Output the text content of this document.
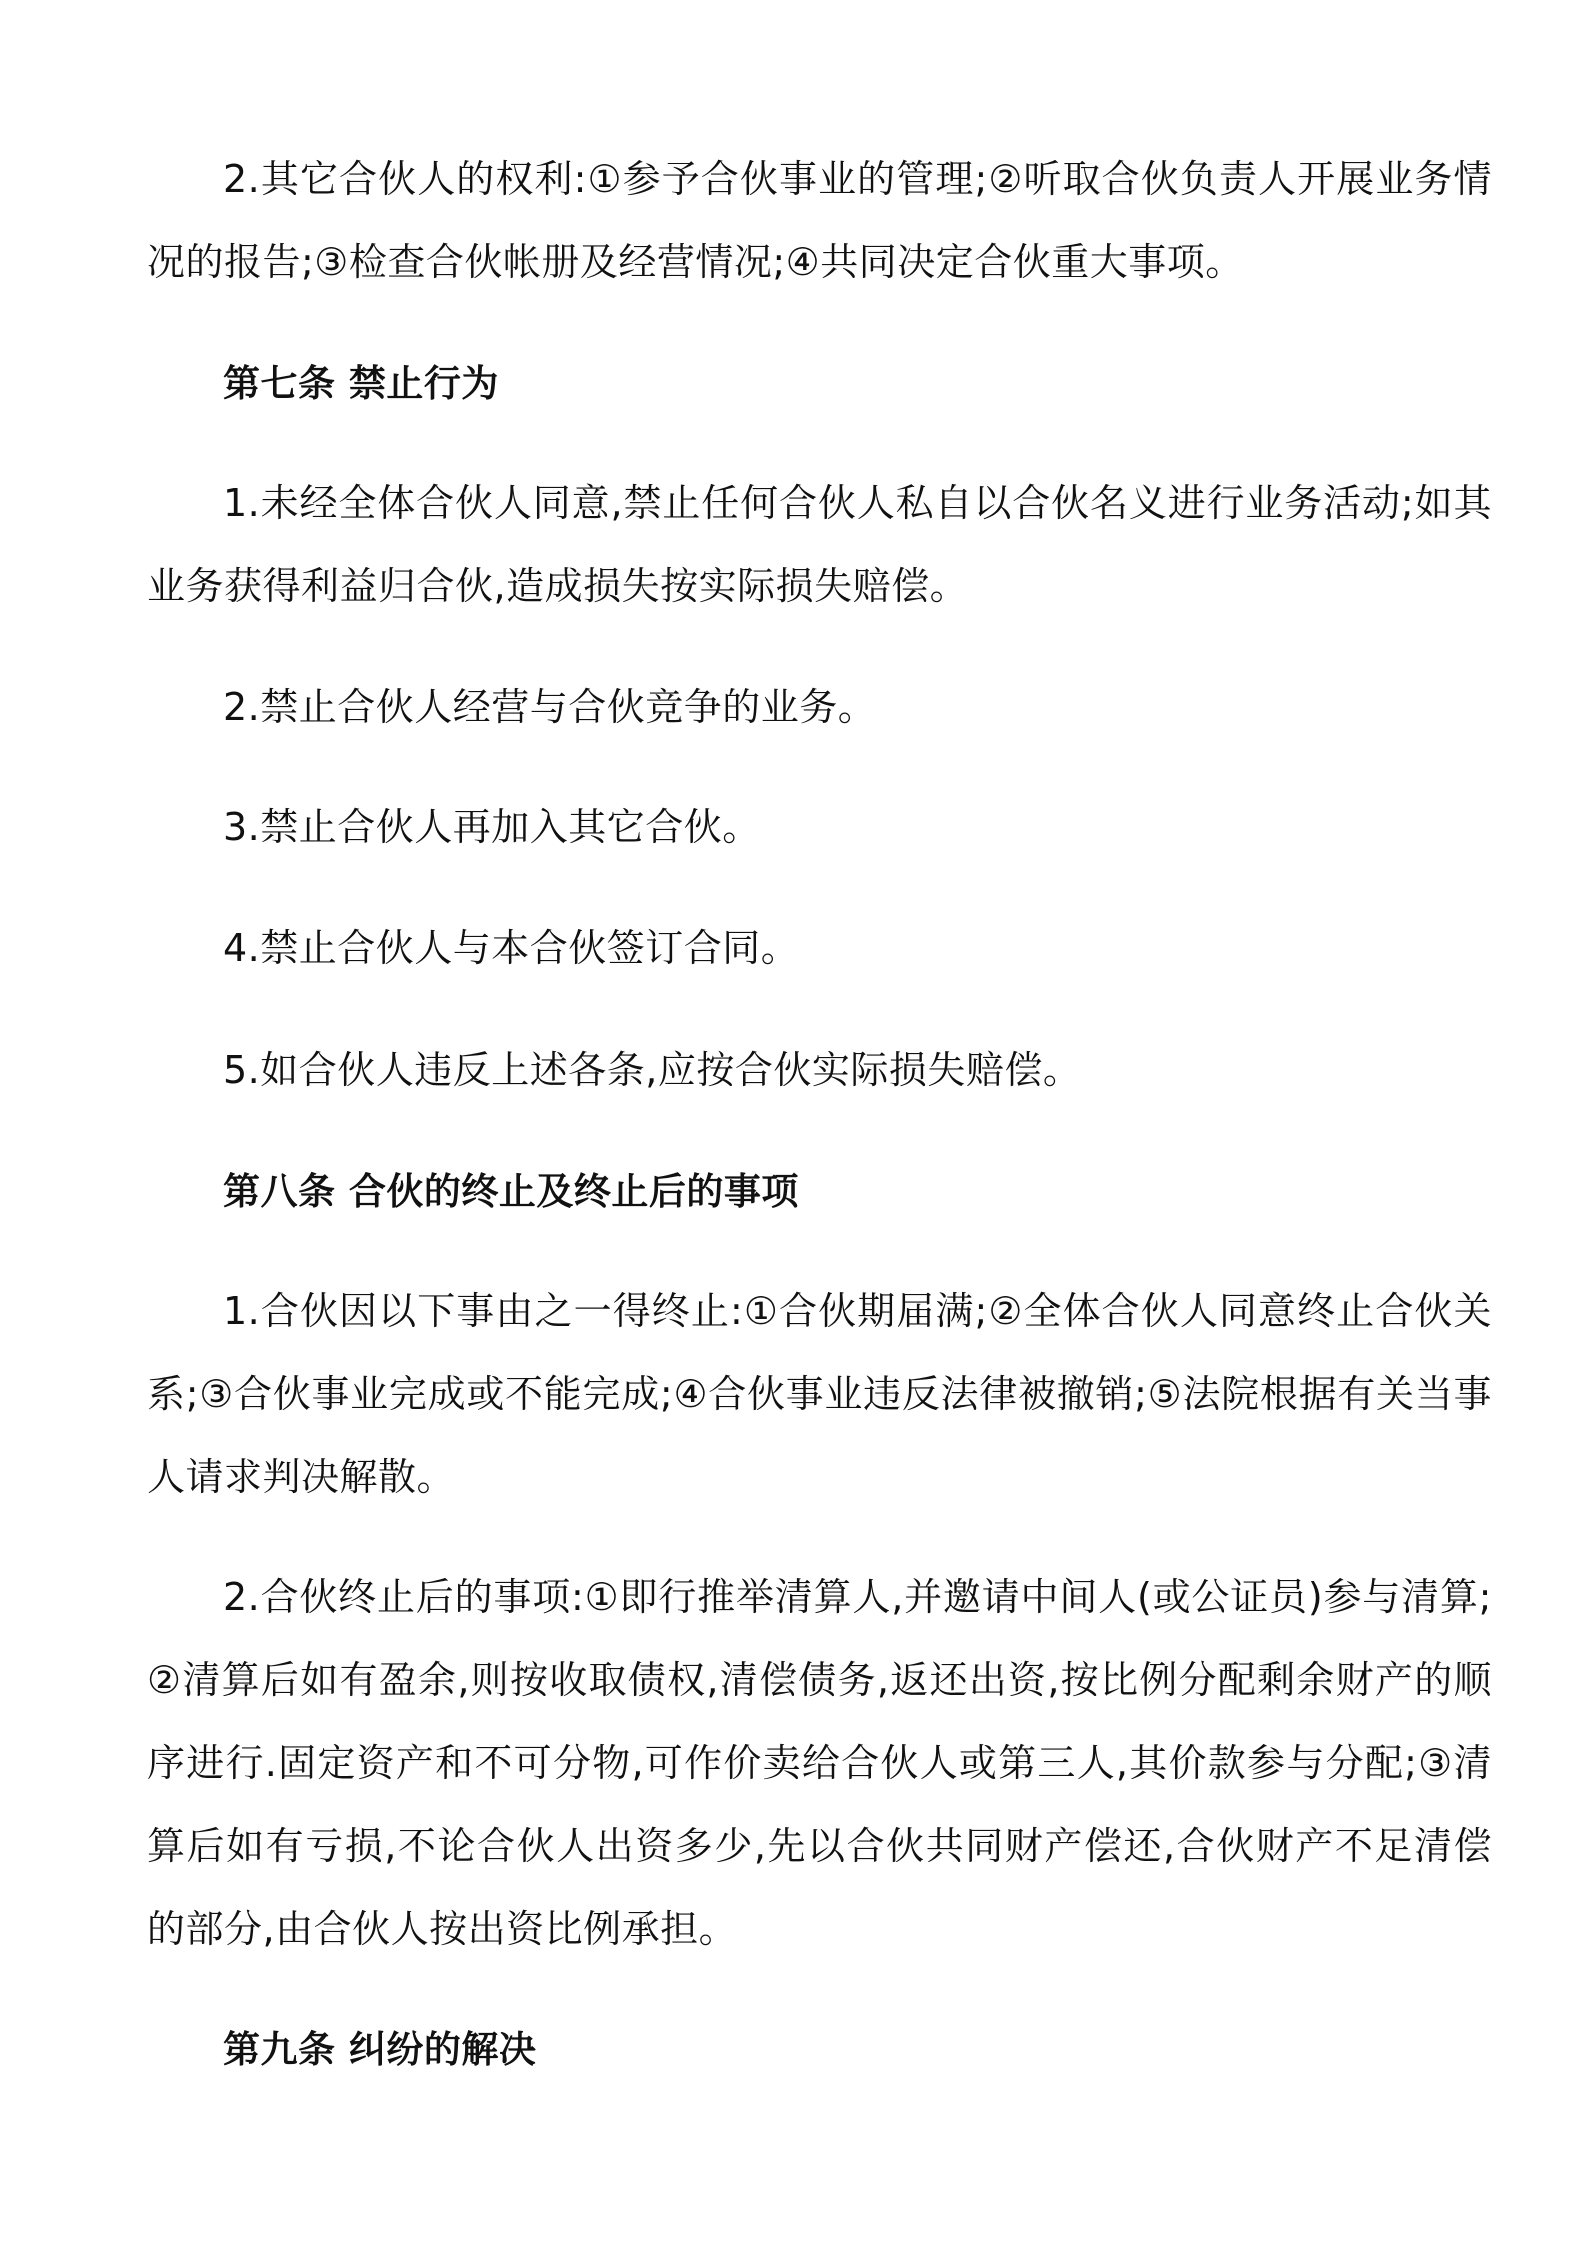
2.其它合伙人的权利:①参予合伙事业的管理;②听取合伙负责人开展业务情况的报告;③检查合伙帐册及经营情况;④共同决定合伙重大事项。

第七条 禁止行为

1.未经全体合伙人同意,禁止任何合伙人私自以合伙名义进行业务活动;如其业务获得利益归合伙,造成损失按实际损失赔偿。

2.禁止合伙人经营与合伙竞争的业务。

3.禁止合伙人再加入其它合伙。

4.禁止合伙人与本合伙签订合同。

5.如合伙人违反上述各条,应按合伙实际损失赔偿。

第八条 合伙的终止及终止后的事项

1.合伙因以下事由之一得终止:①合伙期届满;②全体合伙人同意终止合伙关系;③合伙事业完成或不能完成;④合伙事业违反法律被撤销;⑤法院根据有关当事人请求判决解散。

2.合伙终止后的事项:①即行推举清算人,并邀请中间人(或公证员)参与清算;②清算后如有盈余,则按收取债权,清偿债务,返还出资,按比例分配剩余财产的顺序进行.固定资产和不可分物,可作价卖给合伙人或第三人,其价款参与分配;③清算后如有亏损,不论合伙人出资多少,先以合伙共同财产偿还,合伙财产不足清偿的部分,由合伙人按出资比例承担。

第九条 纠纷的解决
